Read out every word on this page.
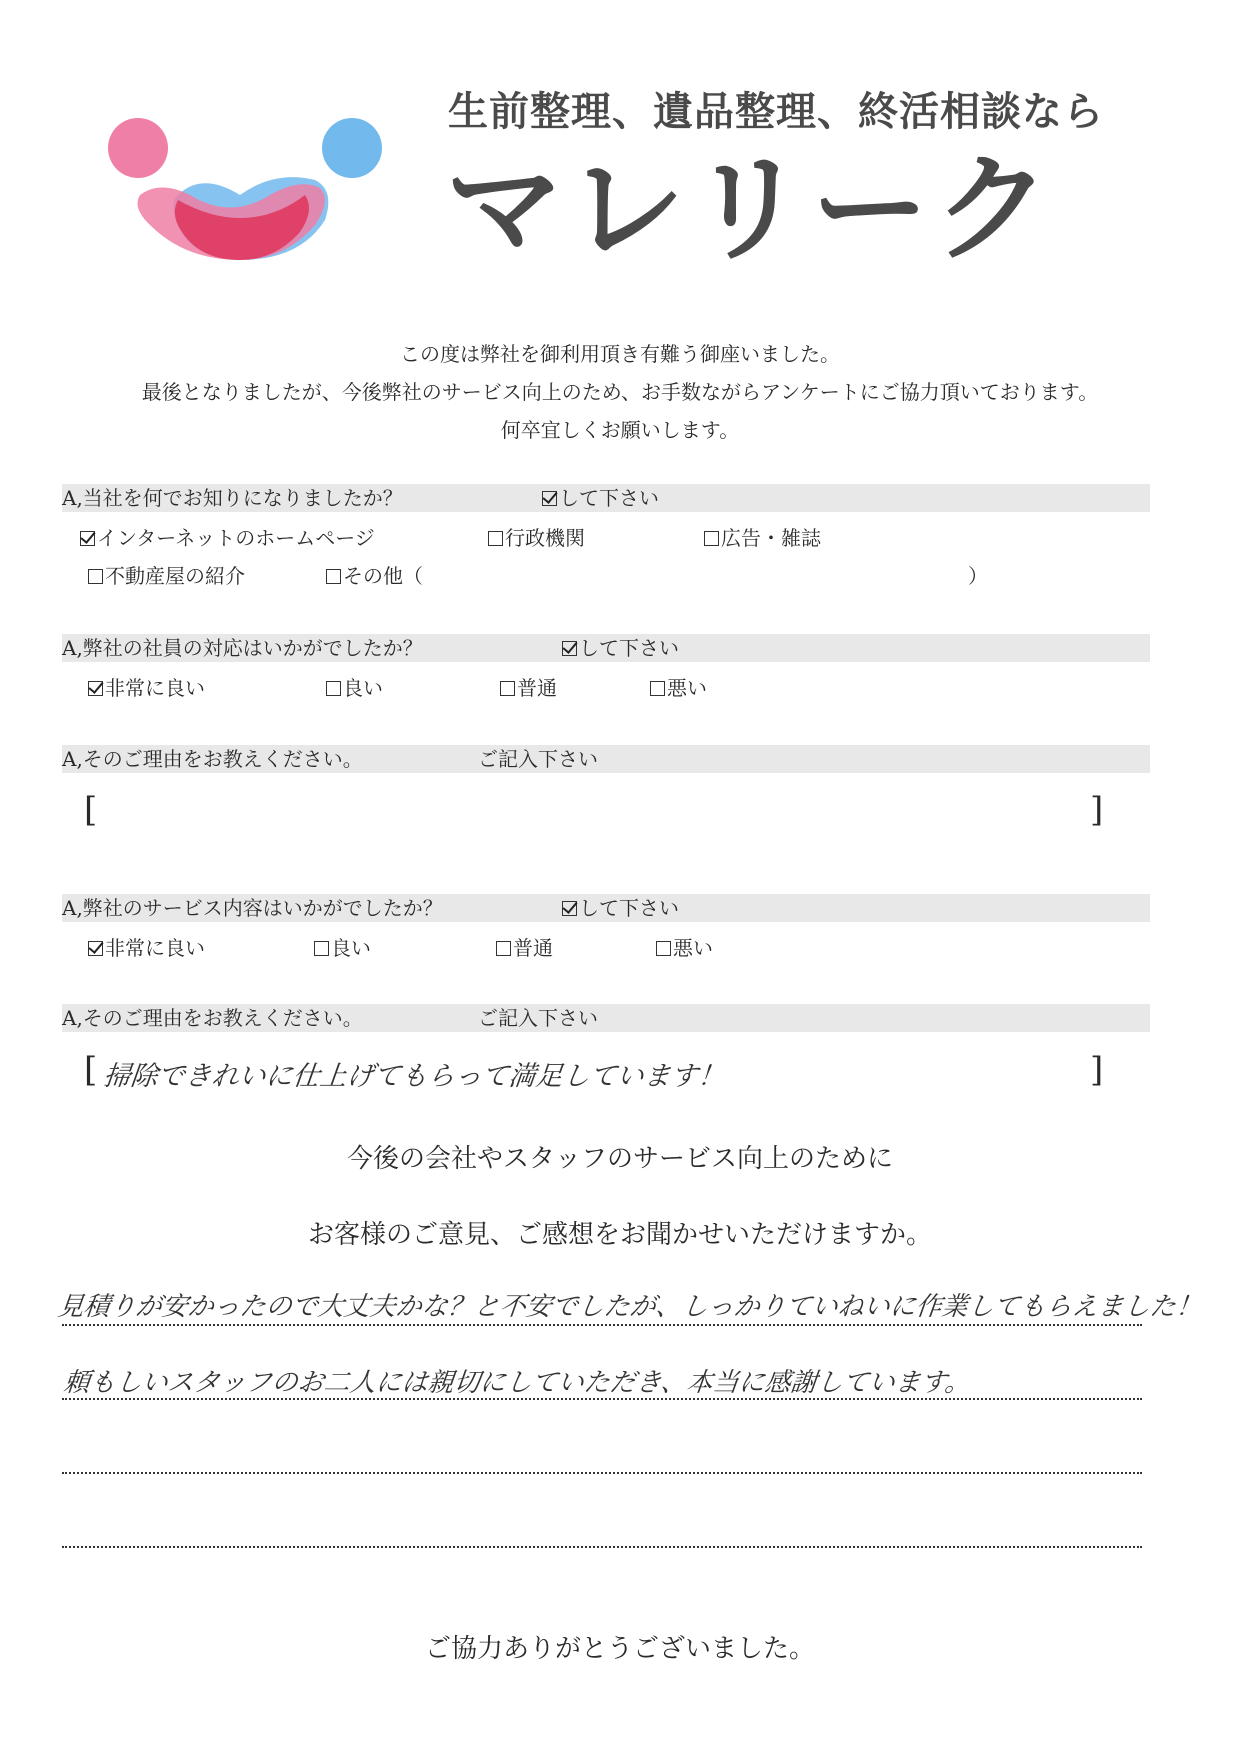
生前整理、遺品整理、終活相談なら
マレリーク
この度は弊社を御利用頂き有難う御座いました。
最後となりましたが、今後弊社のサービス向上のため、お手数ながらアンケートにご協力頂いております。
何卒宜しくお願いします。
A,当社を何でお知りになりましたか？	して下さい
インターネットのホームページ	行政機関	広告・雑誌
不動産屋の紹介	その他（	）
A,弊社の社員の対応はいかがでしたか？	して下さい
非常に良い	良い	普通	悪い
A,そのご理由をお教えください。	ご記入下さい
[	]
A,弊社のサービス内容はいかがでしたか？	して下さい
非常に良い	良い	普通	悪い
A,そのご理由をお教えください。	ご記入下さい
[ 掃除できれいに仕上げてもらって満足しています！	]
今後の会社やスタッフのサービス向上のために
お客様のご意見、ご感想をお聞かせいただけますか。
見積りが安かったので大丈夫かな？と不安でしたが、しっかりていねいに作業してもらえました！
頼もしいスタッフのお二人には親切にしていただき、本当に感謝しています。
ご協力ありがとうございました。
